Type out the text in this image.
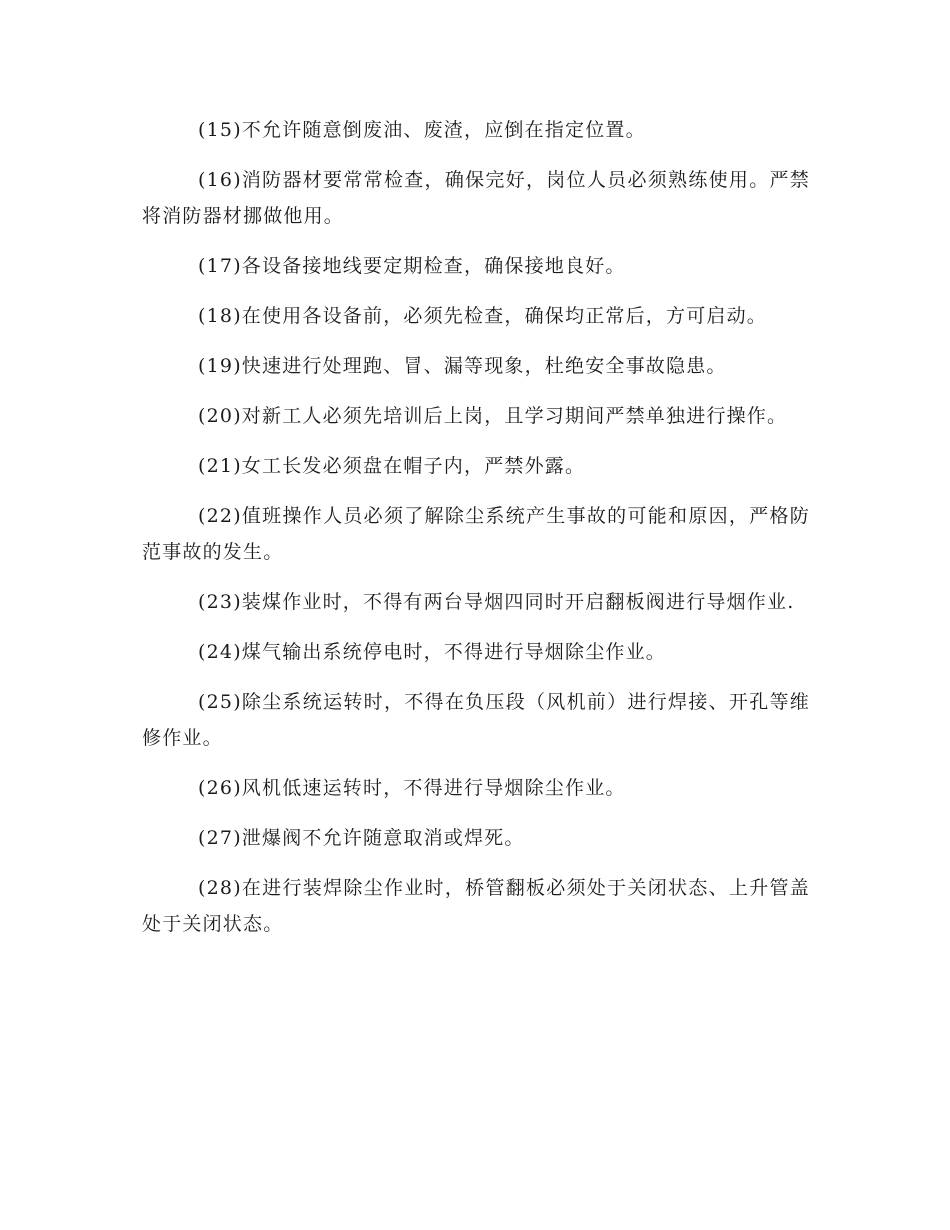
(15)不允许随意倒废油、废渣，应倒在指定位置。

(16)消防器材要常常检查，确保完好，岗位人员必须熟练使用。严禁将消防器材挪做他用。

(17)各设备接地线要定期检查，确保接地良好。

(18)在使用各设备前，必须先检查，确保均正常后，方可启动。

(19)快速进行处理跑、冒、漏等现象，杜绝安全事故隐患。

(20)对新工人必须先培训后上岗，且学习期间严禁单独进行操作。

(21)女工长发必须盘在帽子内，严禁外露。

(22)值班操作人员必须了解除尘系统产生事故的可能和原因，严格防范事故的发生。

(23)装煤作业时，不得有两台导烟四同时开启翻板阀进行导烟作业.

(24)煤气输出系统停电时，不得进行导烟除尘作业。

(25)除尘系统运转时，不得在负压段（风机前）进行焊接、开孔等维修作业。

(26)风机低速运转时，不得进行导烟除尘作业。

(27)泄爆阀不允许随意取消或焊死。

(28)在进行装焊除尘作业时，桥管翻板必须处于关闭状态、上升管盖处于关闭状态。
